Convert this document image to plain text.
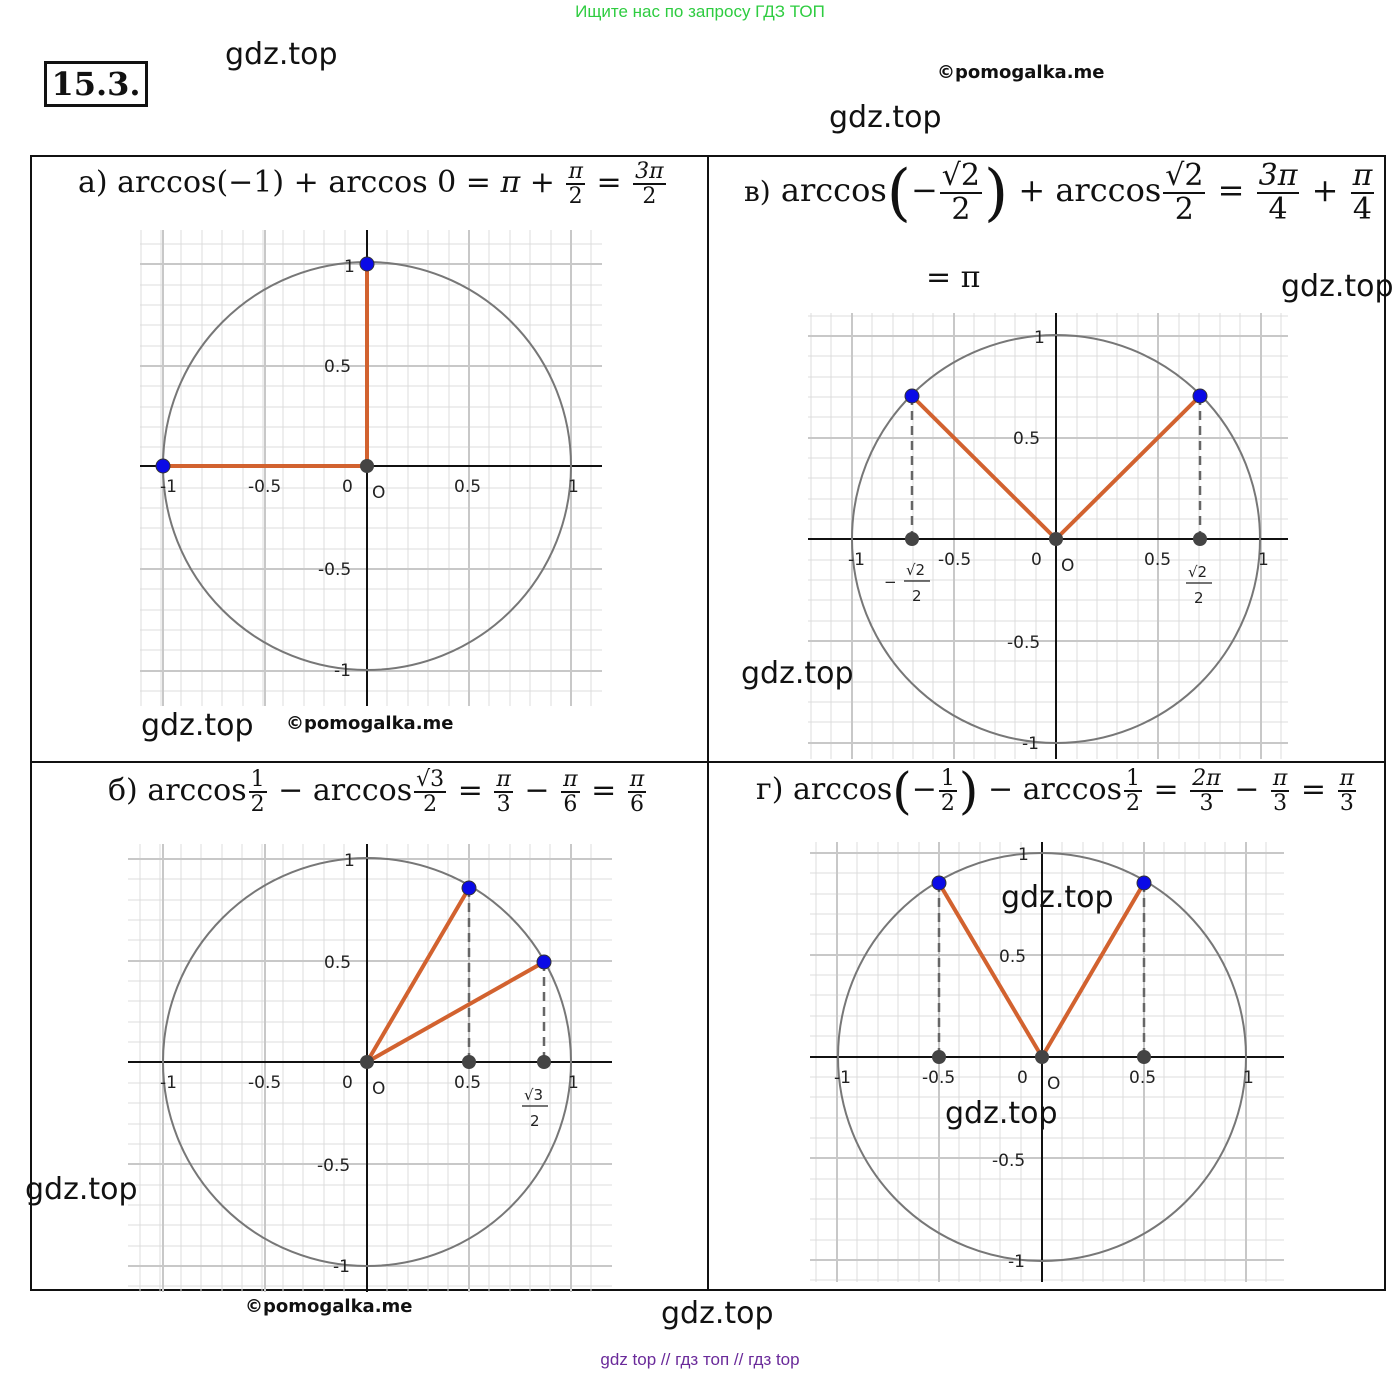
Ищите нас по запросу ГДЗ ТОП
15.3.
gdz.top
©pomogalka.me
gdz.top
а) $\arccos(-1) + \arccos 0 = \pi + \frac{\pi}{2} = \frac{3\pi}{2}$	в) $\arccos(- \frac{√2}{2}$ ) + $\arccos \frac{√2}{2} = \frac{3\pi}{4} + \frac{\pi}{4}$
= π	gdz.top
б) $\arccos \frac{1}{2} - \arccos \frac{√3}{2} = \frac{\pi}{3} - \frac{\pi}{6} = \frac{\pi}{6}$	г) $\arccos(- \frac{1}{2}$ ) − $\arccos \frac{1}{2} = \frac{2\pi}{3} - \frac{\pi}{3} = \frac{\pi}{3}$
-1	-0.5	0 O	0.5	1
1
0.5
-0.5
-1
gdz.top ©pomogalka.me
-1	-0.5	0 O	0.5	1
1
0.5
-0.5
-1
−
√2
2
√2
2
gdz.top
-1	-0.5	0 O	0.5	1
1
0.5
-0.5
-1
√3
2
gdz.top
©pomogalka.me
-1	-0.5	0 O	0.5	1
1
0.5
-0.5
-1
gdz.top
gdz.top
gdz.top
gdz top // гдз топ // гдз top
